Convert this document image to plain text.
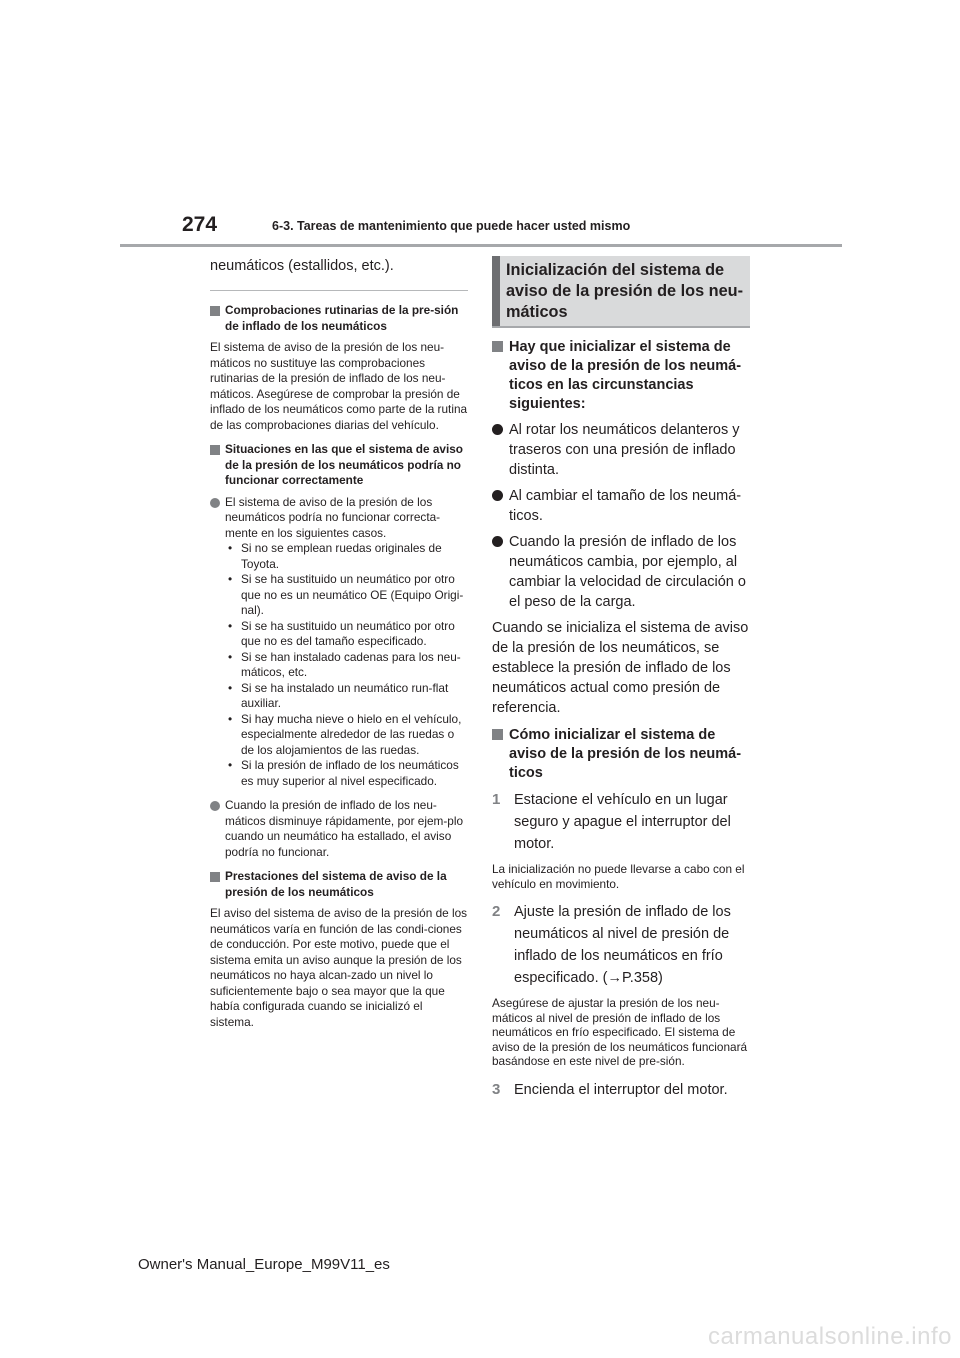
274	6-3. Tareas de mantenimiento que puede hacer usted mismo

neumáticos (estallidos, etc.).

Comprobaciones rutinarias de la pre-sión de inflado de los neumáticos

El sistema de aviso de la presión de los neu-máticos no sustituye las comprobaciones rutinarias de la presión de inflado de los neu-máticos. Asegúrese de comprobar la presión de inflado de los neumáticos como parte de la rutina de las comprobaciones diarias del vehículo.

Situaciones en las que el sistema de aviso de la presión de los neumáticos podría no funcionar correctamente
El sistema de aviso de la presión de los neumáticos podría no funcionar correcta-mente en los siguientes casos.
• Si no se emplean ruedas originales de Toyota.
• Si se ha sustituido un neumático por otro que no es un neumático OE (Equipo Origi-nal).
• Si se ha sustituido un neumático por otro que no es del tamaño especificado.
• Si se han instalado cadenas para los neu-máticos, etc.
• Si se ha instalado un neumático run-flat auxiliar.
• Si hay mucha nieve o hielo en el vehículo, especialmente alrededor de las ruedas o de los alojamientos de las ruedas.
• Si la presión de inflado de los neumáticos es muy superior al nivel especificado.
Cuando la presión de inflado de los neu-máticos disminuye rápidamente, por ejem-plo cuando un neumático ha estallado, el aviso podría no funcionar.
Prestaciones del sistema de aviso de la presión de los neumáticos

El aviso del sistema de aviso de la presión de los neumáticos varía en función de las condi-ciones de conducción. Por este motivo, puede que el sistema emita un aviso aunque la presión de los neumáticos no haya alcan-zado un nivel lo suficientemente bajo o sea mayor que la que había configurada cuando se inicializó el sistema.

Inicialización del sistema de aviso de la presión de los neu-máticos
Hay que inicializar el sistema de aviso de la presión de los neumá-ticos en las circunstancias siguientes:
Al rotar los neumáticos delanteros y traseros con una presión de inflado distinta.
Al cambiar el tamaño de los neumá-ticos.
Cuando la presión de inflado de los neumáticos cambia, por ejemplo, al cambiar la velocidad de circulación o el peso de la carga.

Cuando se inicializa el sistema de aviso de la presión de los neumáticos, se establece la presión de inflado de los neumáticos actual como presión de referencia.

Cómo inicializar el sistema de aviso de la presión de los neumá-ticos
1 Estacione el vehículo en un lugar seguro y apague el interruptor del motor.

La inicialización no puede llevarse a cabo con el vehículo en movimiento.

2 Ajuste la presión de inflado de los neumáticos al nivel de presión de inflado de los neumáticos en frío especificado. (→P.358)

Asegúrese de ajustar la presión de los neu-máticos al nivel de presión de inflado de los neumáticos en frío especificado. El sistema de aviso de la presión de los neumáticos funcionará basándose en este nivel de pre-sión.

3 Encienda el interruptor del motor.
Owner's Manual_Europe_M99V11_es
carmanualsonline.info
